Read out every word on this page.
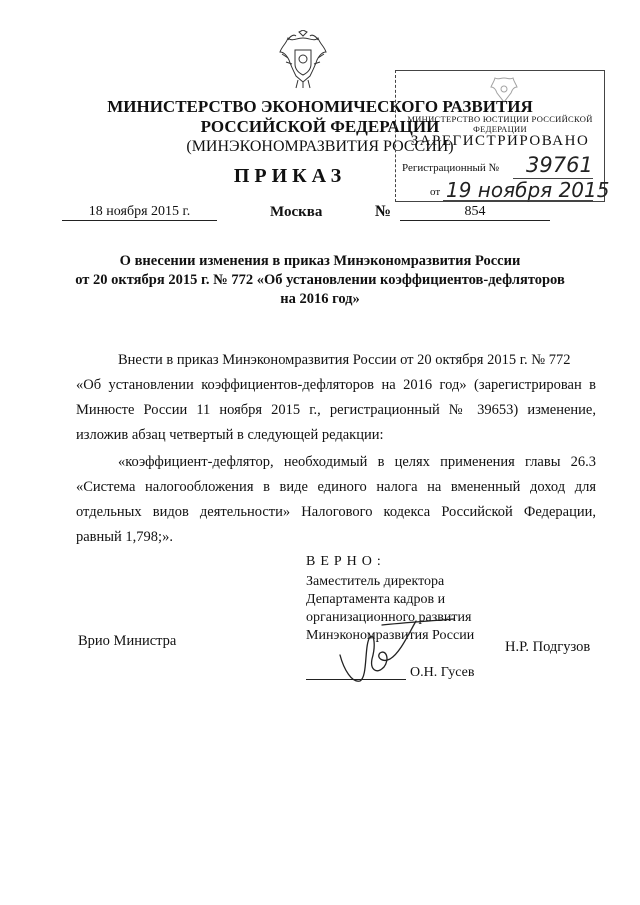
МИНИСТЕРСТВО ЭКОНОМИЧЕСКОГО РАЗВИТИЯ
РОССИЙСКОЙ ФЕДЕРАЦИИ
(МИНЭКОНОМРАЗВИТИЯ РОССИИ)
ПРИКАЗ
МИНИСТЕРСТВО ЮСТИЦИИ РОССИЙСКОЙ ФЕДЕРАЦИИ
ЗАРЕГИСТРИРОВАНО
Регистрационный № 39761
от 19 ноября 2015
18 ноября 2015 г.	Москва	№	854
О внесении изменения в приказ Минэкономразвития России
от 20 октября 2015 г. № 772 «Об установлении коэффициентов-дефляторов
на 2016 год»
Внести в приказ Минэкономразвития России от 20 октября 2015 г. № 772
«Об установлении коэффициентов-дефляторов на 2016 год» (зарегистрирован в
Минюсте России 11 ноября 2015 г., регистрационный № 39653) изменение,
изложив абзац четвертый в следующей редакции:
«коэффициент-дефлятор, необходимый в целях применения главы 26.3
«Система налогообложения в виде единого налога на вмененный доход для
отдельных видов деятельности» Налогового кодекса Российской Федерации,
равный 1,798;».
ВЕРНО:
Заместитель директора
Департамента кадров и
организационного развития
Минэкономразвития России
О.Н. Гусев
Врио Министра	Н.Р. Подгузов
